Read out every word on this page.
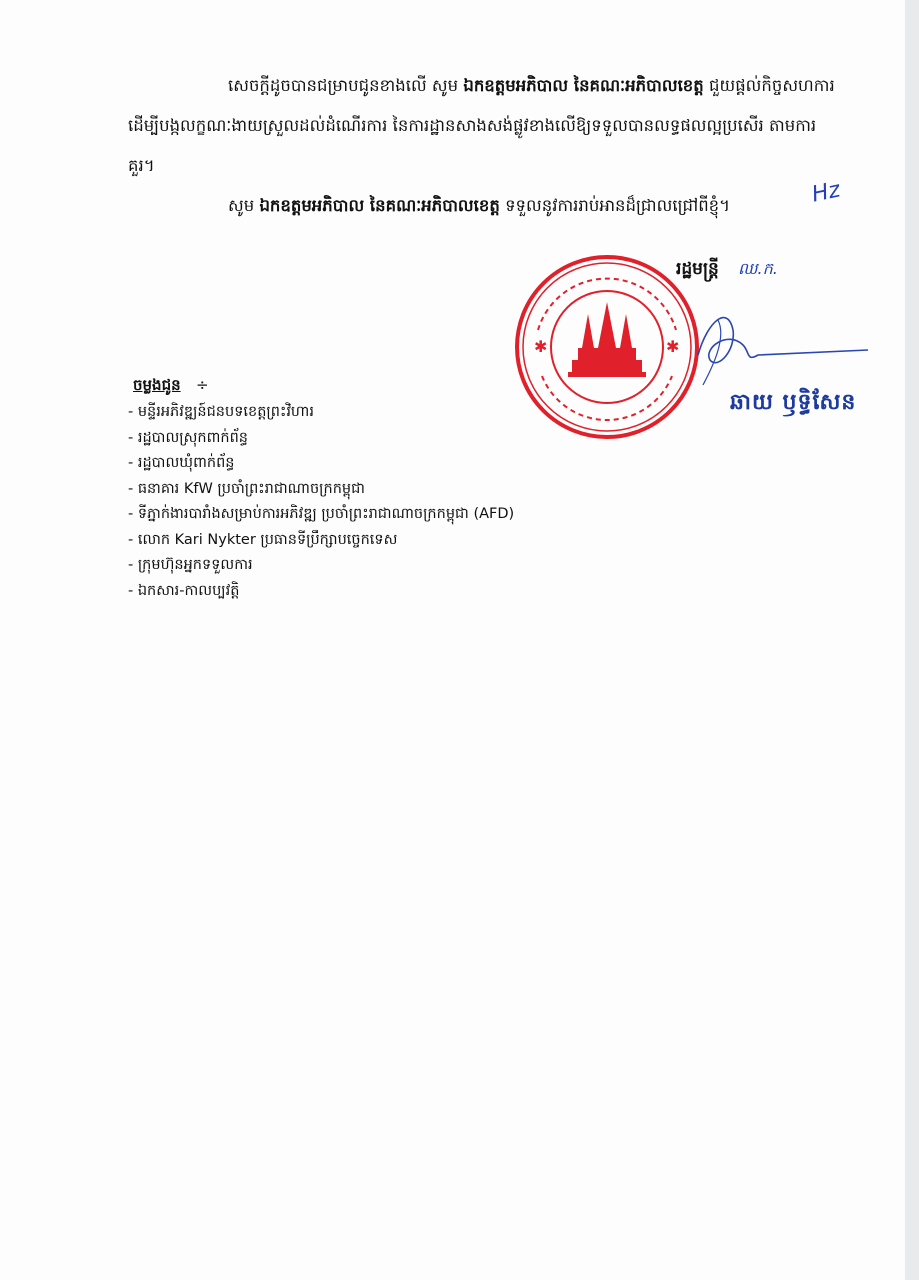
សេចក្ដីដូចបានជម្រាបជូនខាងលើ សូម ឯកឧត្ដមអភិបាល នៃគណៈអភិបាលខេត្ត ជួយផ្ដល់កិច្ចសហការ ដើម្បីបង្កលក្ខណៈងាយស្រួលដល់ដំណើរការ នៃការដ្ឋានសាងសង់ផ្លូវខាងលើឱ្យទទួលបានលទ្ធផលល្អប្រសើរ តាមការគួរ។

សូម ឯកឧត្ដមអភិបាល នៃគណៈអភិបាលខេត្ត ទទួលនូវការរាប់អានដ៏ជ្រាលជ្រៅពីខ្ញុំ។	Hz
✱	✱
រដ្ឋមន្ត្រី ឈ.ក.
ឆាយ ឫទ្ធិសែន
ចម្លងជូន ÷
- មន្ទីរអភិវឌ្ឍន៍ជនបទខេត្តព្រះវិហារ
- រដ្ឋបាលស្រុកពាក់ព័ន្ធ
- រដ្ឋបាលឃុំពាក់ព័ន្ធ
- ធនាគារ KfW ប្រចាំព្រះរាជាណាចក្រកម្ពុជា
- ទីភ្នាក់ងារបារាំងសម្រាប់ការអភិវឌ្ឍ ប្រចាំព្រះរាជាណាចក្រកម្ពុជា (AFD)
- លោក Kari Nykter ប្រធានទីប្រឹក្សាបច្ចេកទេស
- ក្រុមហ៊ុនអ្នកទទួលការ
- ឯកសារ-កាលប្បវត្តិ
